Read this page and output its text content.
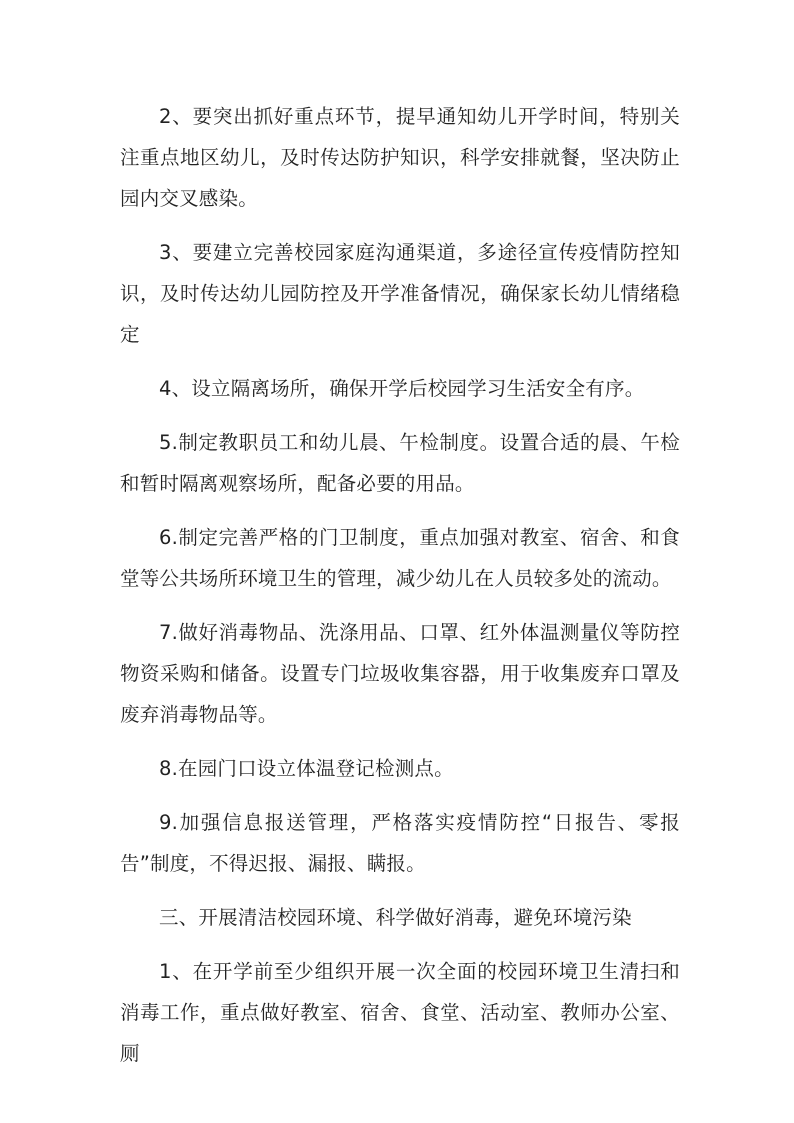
2、要突出抓好重点环节，提早通知幼儿开学时间，特别关注重点地区幼儿，及时传达防护知识，科学安排就餐，坚决防止园内交叉感染。

3、要建立完善校园家庭沟通渠道，多途径宣传疫情防控知识，及时传达幼儿园防控及开学准备情况，确保家长幼儿情绪稳定

4、设立隔离场所，确保开学后校园学习生活安全有序。

5.制定教职员工和幼儿晨、午检制度。设置合适的晨、午检和暂时隔离观察场所，配备必要的用品。

6.制定完善严格的门卫制度，重点加强对教室、宿舍、和食堂等公共场所环境卫生的管理，减少幼儿在人员较多处的流动。

7.做好消毒物品、洗涤用品、口罩、红外体温测量仪等防控物资采购和储备。设置专门垃圾收集容器，用于收集废弃口罩及废弃消毒物品等。

8.在园门口设立体温登记检测点。

9.加强信息报送管理，严格落实疫情防控“日报告、零报告”制度，不得迟报、漏报、瞒报。

三、开展清洁校园环境、科学做好消毒，避免环境污染

1、在开学前至少组织开展一次全面的校园环境卫生清扫和消毒工作，重点做好教室、宿舍、食堂、活动室、教师办公室、厕
